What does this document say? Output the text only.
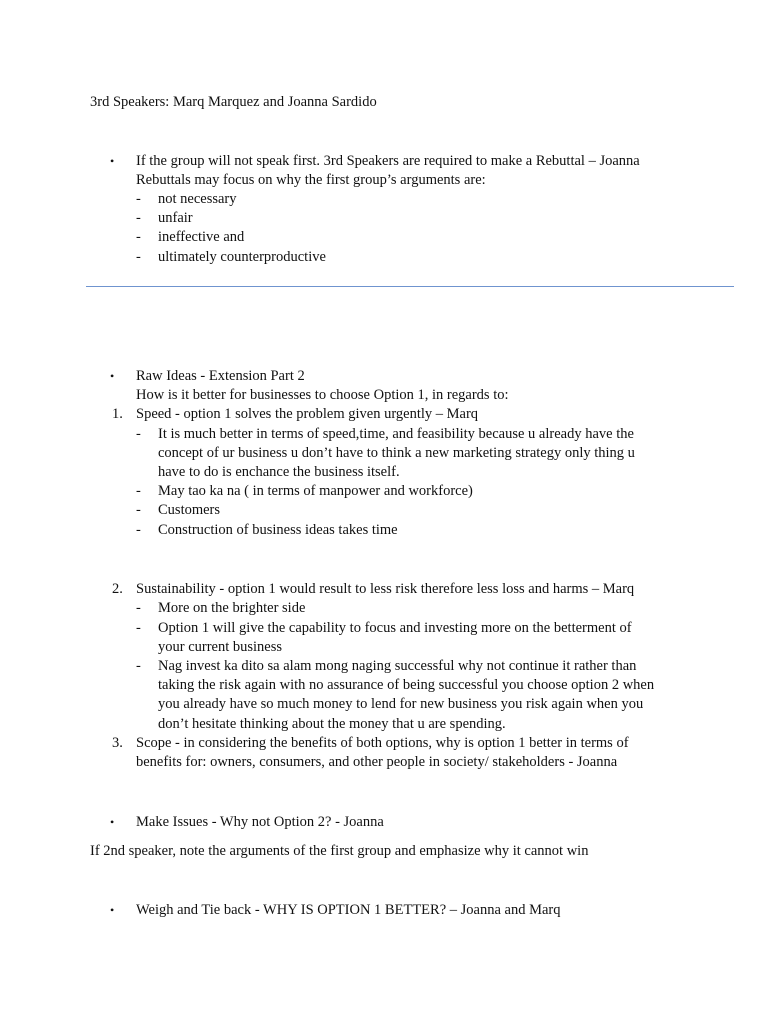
3rd Speakers: Marq Marquez and Joanna Sardido
• If the group will not speak first. 3rd Speakers are required to make a Rebuttal – Joanna
Rebuttals may focus on why the first group’s arguments are:
- not necessary
- unfair
- ineffective and
- ultimately counterproductive
• Raw Ideas - Extension Part 2
How is it better for businesses to choose Option 1, in regards to:
1. Speed - option 1 solves the problem given urgently – Marq
- It is much better in terms of speed,time, and feasibility because u already have the
concept of ur business u don’t have to think a new marketing strategy only thing u
have to do is enchance the business itself.
- May tao ka na ( in terms of manpower and workforce)
- Customers
- Construction of business ideas takes time
2. Sustainability - option 1 would result to less risk therefore less loss and harms – Marq
- More on the brighter side
- Option 1 will give the capability to focus and investing more on the betterment of
your current business
- Nag invest ka dito sa alam mong naging successful why not continue it rather than
taking the risk again with no assurance of being successful you choose option 2 when
you already have so much money to lend for new business you risk again when you
don’t hesitate thinking about the money that u are spending.
3. Scope - in considering the benefits of both options, why is option 1 better in terms of
benefits for: owners, consumers, and other people in society/ stakeholders - Joanna
• Make Issues - Why not Option 2? - Joanna
If 2nd speaker, note the arguments of the first group and emphasize why it cannot win
• Weigh and Tie back - WHY IS OPTION 1 BETTER? – Joanna and Marq
